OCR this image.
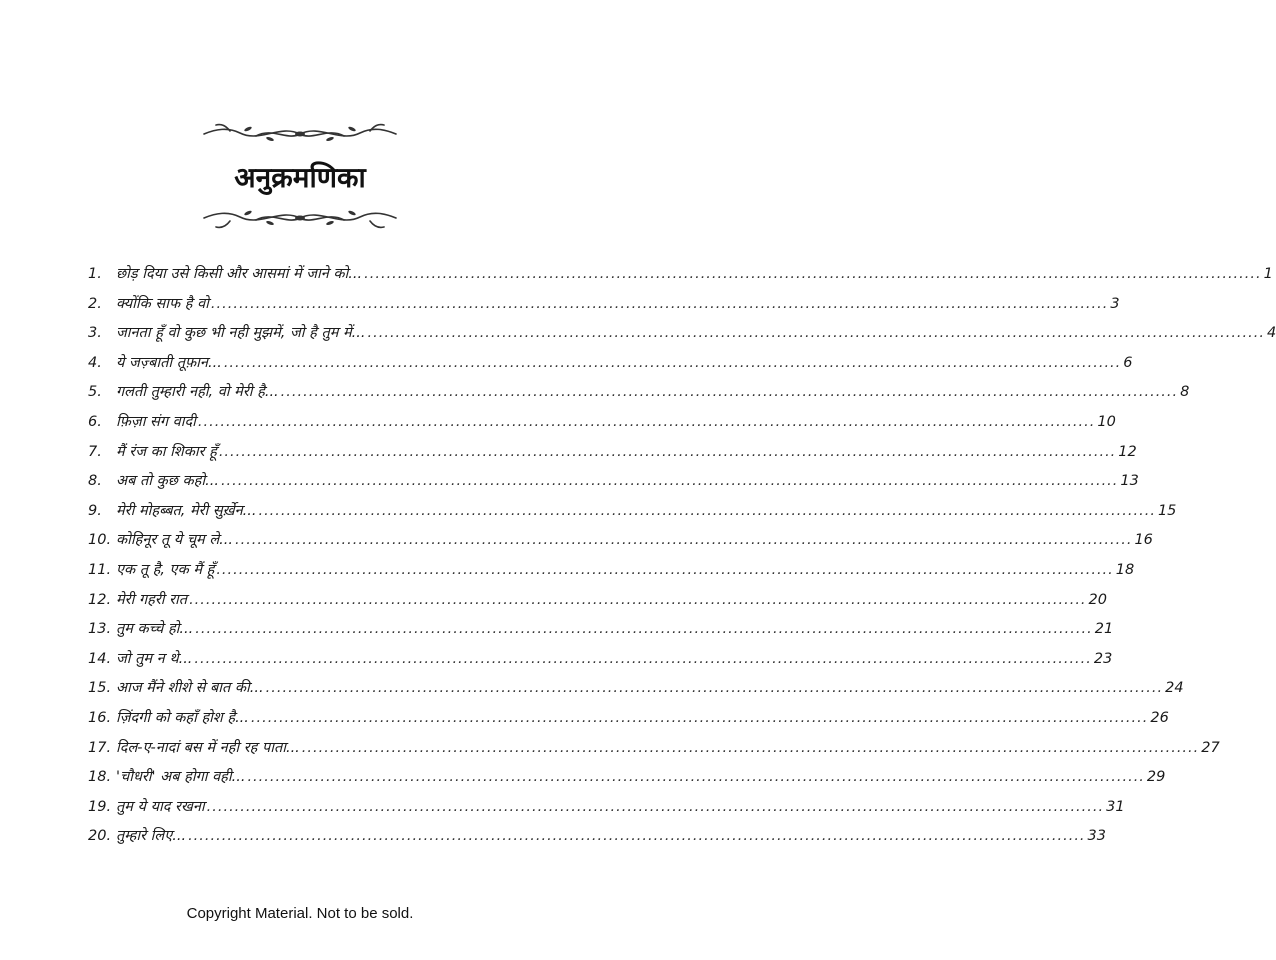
अनुक्रमणिका
1. छोड़ दिया उसे किसी और आसमां में जाने को... .....	1
2. क्योंकि साफ है वो .....	3
3. जानता हूँ वो कुछ भी नही मुझमें, जो है तुम में... .....	4
4. ये जज़्बाती तूफ़ान... .....	6
5. गलती तुम्हारी नही, वो मेरी है... .....	8
6. फ़िज़ा संग वादी .....	10
7. मैं रंज का शिकार हूँ .....	12
8. अब तो कुछ कहो... .....	13
9. मेरी मोहब्बत, मेरी सुर्ख़ेन... .....	15
10. कोहिनूर तू ये चूम ले... .....	16
11. एक तू है, एक मैं हूँ .....	18
12. मेरी गहरी रात .....	20
13. तुम कच्चे हो... .....	21
14. जो तुम न थे... .....	23
15. आज मैंने शीशे से बात की... .....	24
16. ज़िंदगी को कहाँ होश है... .....	26
17. दिल-ए-नादां बस में नही रह पाता... .....	27
18. 'चौधरी' अब होगा वही... .....	29
19. तुम ये याद रखना .....	31
20. तुम्हारे लिए... .....	33
Copyright Material. Not to be sold.
